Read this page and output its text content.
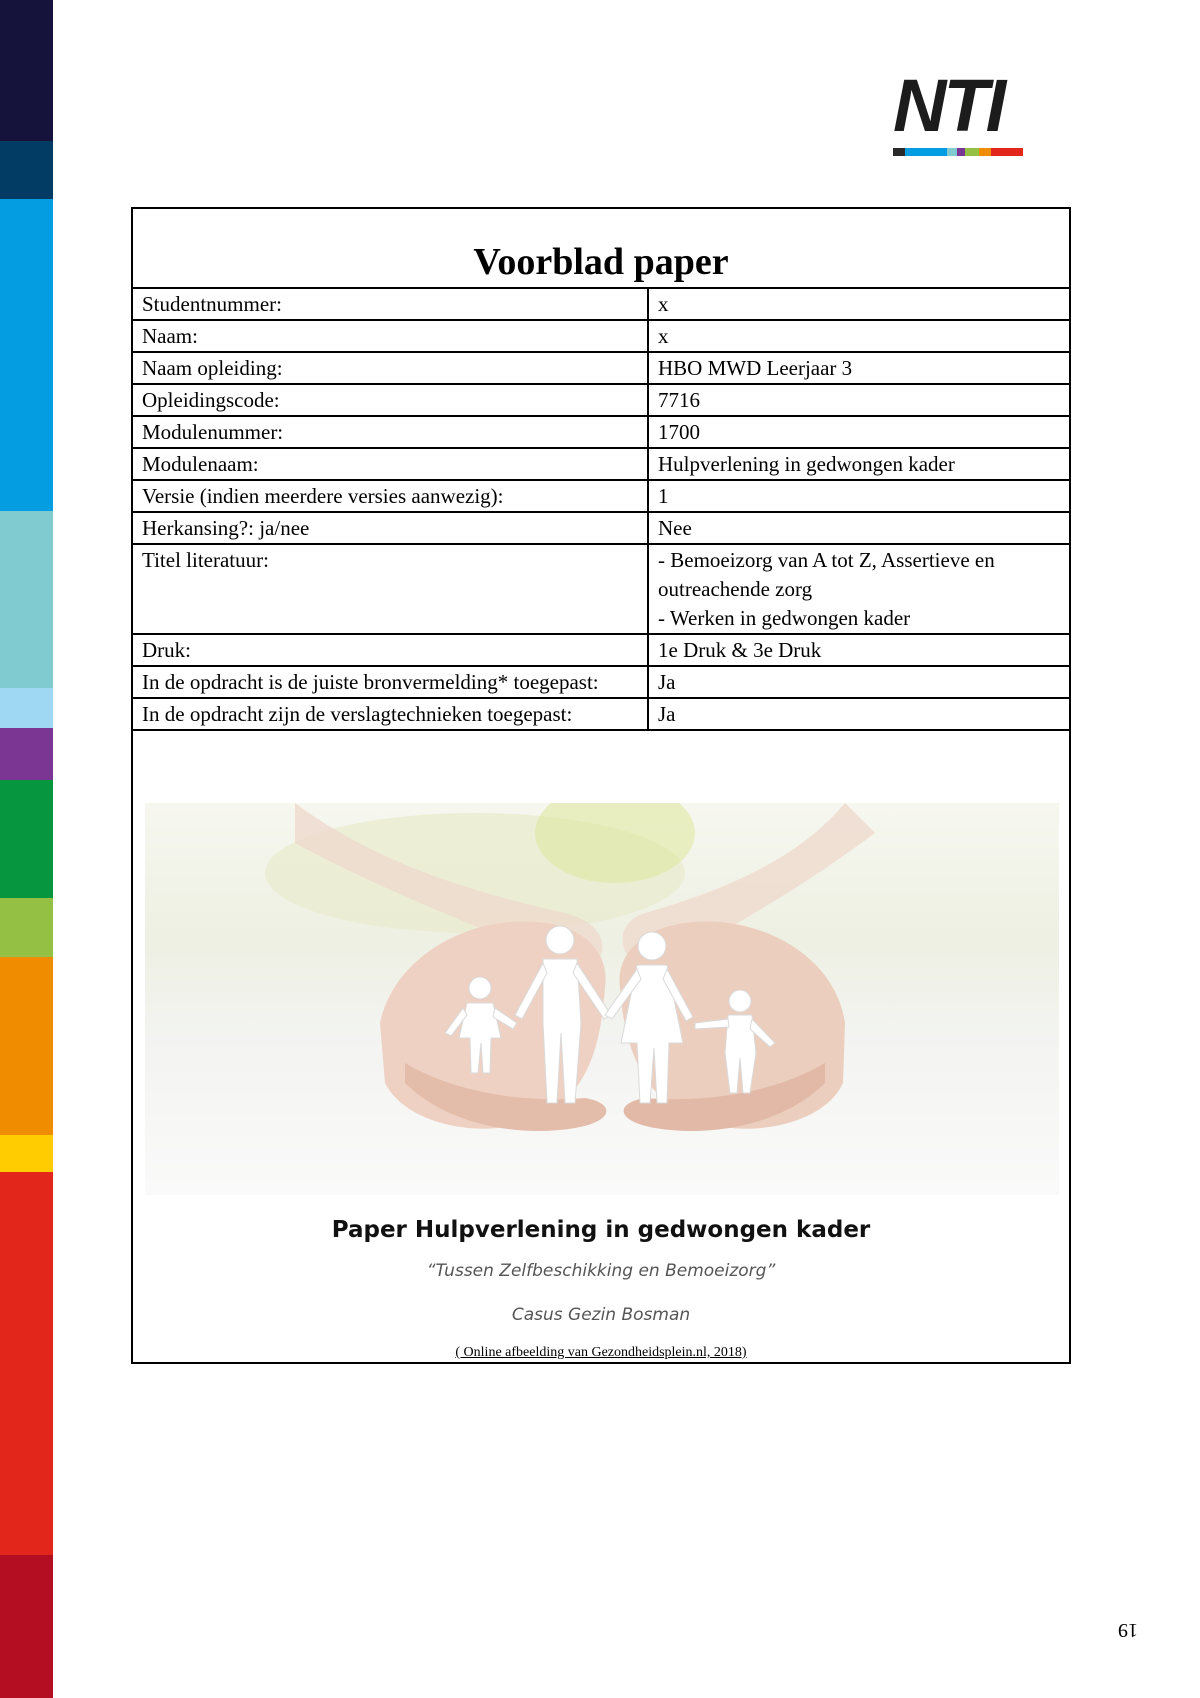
NTI
Voorblad paper
Studentnummer:	x
Naam:	x
Naam opleiding:	HBO MWD Leerjaar 3
Opleidingscode:	7716
Modulenummer:	1700
Modulenaam:	Hulpverlening in gedwongen kader
Versie (indien meerdere versies aanwezig):	1
Herkansing?: ja/nee	Nee
Titel literatuur:	- Bemoeizorg van A tot Z, Assertieve en outreachende zorg
- Werken in gedwongen kader
Druk:	1e Druk & 3e Druk
In de opdracht is de juiste bronvermelding* toegepast:	Ja
In de opdracht zijn de verslagtechnieken toegepast:	Ja
Paper Hulpverlening in gedwongen kader
“Tussen Zelfbeschikking en Bemoeizorg”
Casus Gezin Bosman
( Online afbeelding van Gezondheidsplein.nl, 2018)
19
